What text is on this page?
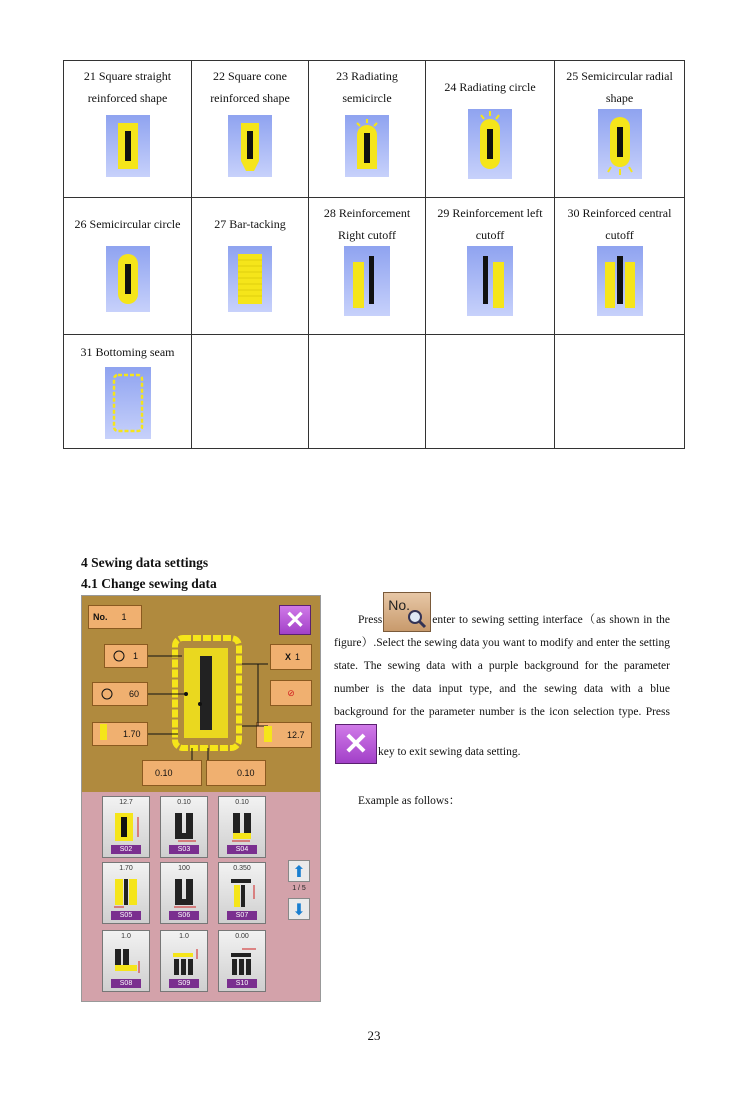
21 Square straight reinforced shape	22 Square cone reinforced shape	23 Radiating semicircle	24 Radiating circle	25 Semicircular radial shape

26 Semicircular circle	27 Bar-tacking	28 Reinforcement Right cutoff	29 Reinforcement left cutoff	30 Reinforced central cutoff

31 Bottoming seam				

4 Sewing data settings
4.1 Change sewing data
No. 1	✕
1
60
1.70
X 1
⊘
12.7
0.10	0.10
12.7
S02
0.10
S03
0.10
S04
1.70
S05
100
S06
0.350
S07
1.0
S08
1.0
S09
0.00
S10
⬆
1 / 5
⬇
Press
No.
enter to sewing setting interface（as shown in the figure）.Select the sewing data you want to modify and enter the setting state. The sewing data with a purple background for the parameter number is the data input type, and the sewing data with a blue background for the parameter number is the icon selection type. Press✕ key to exit sewing data setting.
Example as follows：
23
